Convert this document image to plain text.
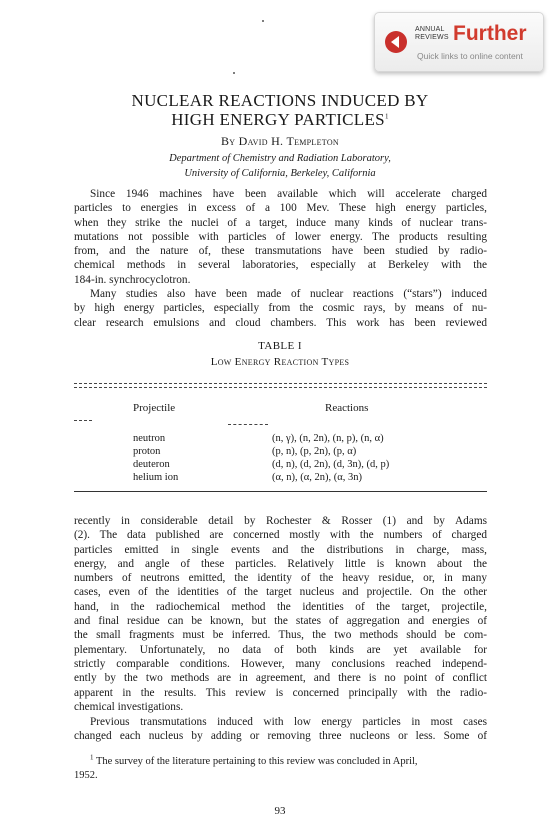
ANNUAL
REVIEWS Further
Quick links to online content
NUCLEAR REACTIONS INDUCED BY
HIGH ENERGY PARTICLES$^1$
By David H. Templeton
Department of Chemistry and Radiation Laboratory,
University of California, Berkeley, California
Since 1946 machines have been available which will accelerate charged
particles to energies in excess of a 100 Mev. These high energy particles,
when they strike the nuclei of a target, induce many kinds of nuclear trans-
mutations not possible with particles of lower energy. The products resulting
from, and the nature of, these transmutations have been studied by radio-
chemical methods in several laboratories, especially at Berkeley with the
184-in. synchrocyclotron.
Many studies also have been made of nuclear reactions (“stars”) induced
by high energy particles, especially from the cosmic rays, by means of nu-
clear research emulsions and cloud chambers. This work has been reviewed
TABLE I
Low Energy Reaction Types
Projectile	Reactions
neutron	(n, γ), (n, 2n), (n, p), (n, α)
proton	(p, n), (p, 2n), (p, α)
deuteron	(d, n), (d, 2n), (d, 3n), (d, p)
helium ion	(α, n), (α, 2n), (α, 3n)
recently in considerable detail by Rochester & Rosser (1) and by Adams
(2). The data published are concerned mostly with the numbers of charged
particles emitted in single events and the distributions in charge, mass,
energy, and angle of these particles. Relatively little is known about the
numbers of neutrons emitted, the identity of the heavy residue, or, in many
cases, even of the identities of the target nucleus and projectile. On the other
hand, in the radiochemical method the identities of the target, projectile,
and final residue can be known, but the states of aggregation and energies of
the small fragments must be inferred. Thus, the two methods should be com-
plementary. Unfortunately, no data of both kinds are yet available for
strictly comparable conditions. However, many conclusions reached independ-
ently by the two methods are in agreement, and there is no point of conflict
apparent in the results. This review is concerned principally with the radio-
chemical investigations.
Previous transmutations induced with low energy particles in most cases
changed each nucleus by adding or removing three nucleons or less. Some of
$^1$ The survey of the literature pertaining to this review was concluded in April,
1952.
93
